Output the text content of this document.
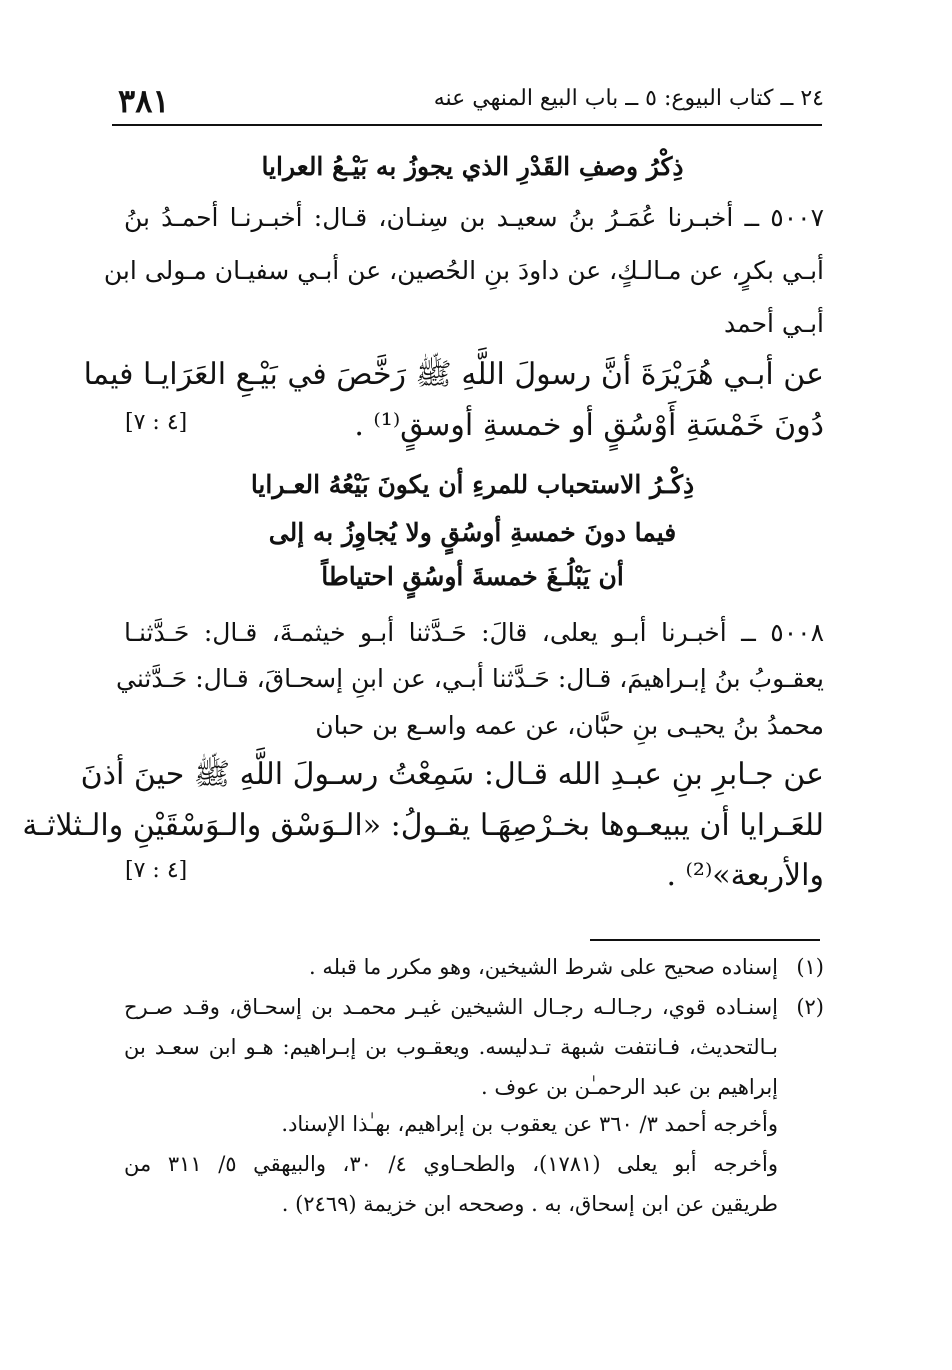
٣٨١	٢٤ ــ كتاب البيوع: ٥ ــ باب البيع المنهي عنه
ذِكْرُ وصفِ القَدْرِ الذي يجوزُ به بَيْـعُ العرايا
٥٠٠٧ ــ أخبـرنا عُمَـرُ بنُ سعيـد بن سِنـان، قـال: أخبـرنـا أحمـدُ بنُ
أبـي بكرٍ، عن مـالـكٍ، عن داودَ بنِ الحُصين، عن أبـي سفيـان مـولى ابن
أبـي أحمد
عن أبـي هُرَيْرَةَ أنَّ رسولَ اللَّهِ ﷺ رَخَّصَ في بَيْـعِ العَرَايـا فيما
دُونَ خَمْسَةِ أَوْسُقٍ أو خمسةِ أوسقٍ⁽¹⁾ .
[٤ : ٧]
ذِكْـرُ الاستحباب للمرءِ أن يكونَ بَيْعُهُ العـرايا
فيما دونَ خمسةِ أوسُقٍ ولا يُجاوِزُ به إلى
أن يَبْلُـغَ خمسةَ أوسُقٍ احتياطاً
٥٠٠٨ ــ أخبـرنا أبـو يعلى، قالَ: حَـدَّثنا أبـو خيثمـةَ، قـال: حَـدَّثنـا
يعقـوبُ بنُ إبـراهيمَ، قـال: حَـدَّثنا أبـي، عن ابنِ إسحـاقَ، قـال: حَـدَّثني
محمدُ بنُ يحيـى بنِ حبَّان، عن عمه واسـع بن حبان
عن جـابرِ بنِ عبـدِ الله قـال: سَمِعْتُ رسـولَ اللَّهِ ﷺ حينَ أذنَ
للعَـرايا أن يبيعـوها بخـرْصِهَـا يقـولُ: «الـوَسْق والـوَسْقَيْنِ والـثلاثـة
والأربعة»⁽²⁾ .
[٤ : ٧]
(١)
إسناده صحيح على شرط الشيخين، وهو مكرر ما قبله .
(٢)
إسنـاده قوي، رجـالـه رجـال الشيخين غيـر محمـد بن إسحـاق، وقـد صـرح
بـالتحديث، فـانتفت شبهة تـدليسه. ويعقـوب بن إبـراهيم: هـو ابن سعـد بن
إبراهيم بن عبد الرحمـٰن بن عوف .
وأخرجه أحمد ٣/ ٣٦٠ عن يعقوب بن إبراهيم، بهـٰذا الإسناد.
وأخرجه أبو يعلى (١٧٨١)، والطحـاوي ٤/ ٣٠، والبيهقي ٥/ ٣١١ من
طريقين عن ابن إسحاق، به . وصححه ابن خزيمة (٢٤٦٩) .
